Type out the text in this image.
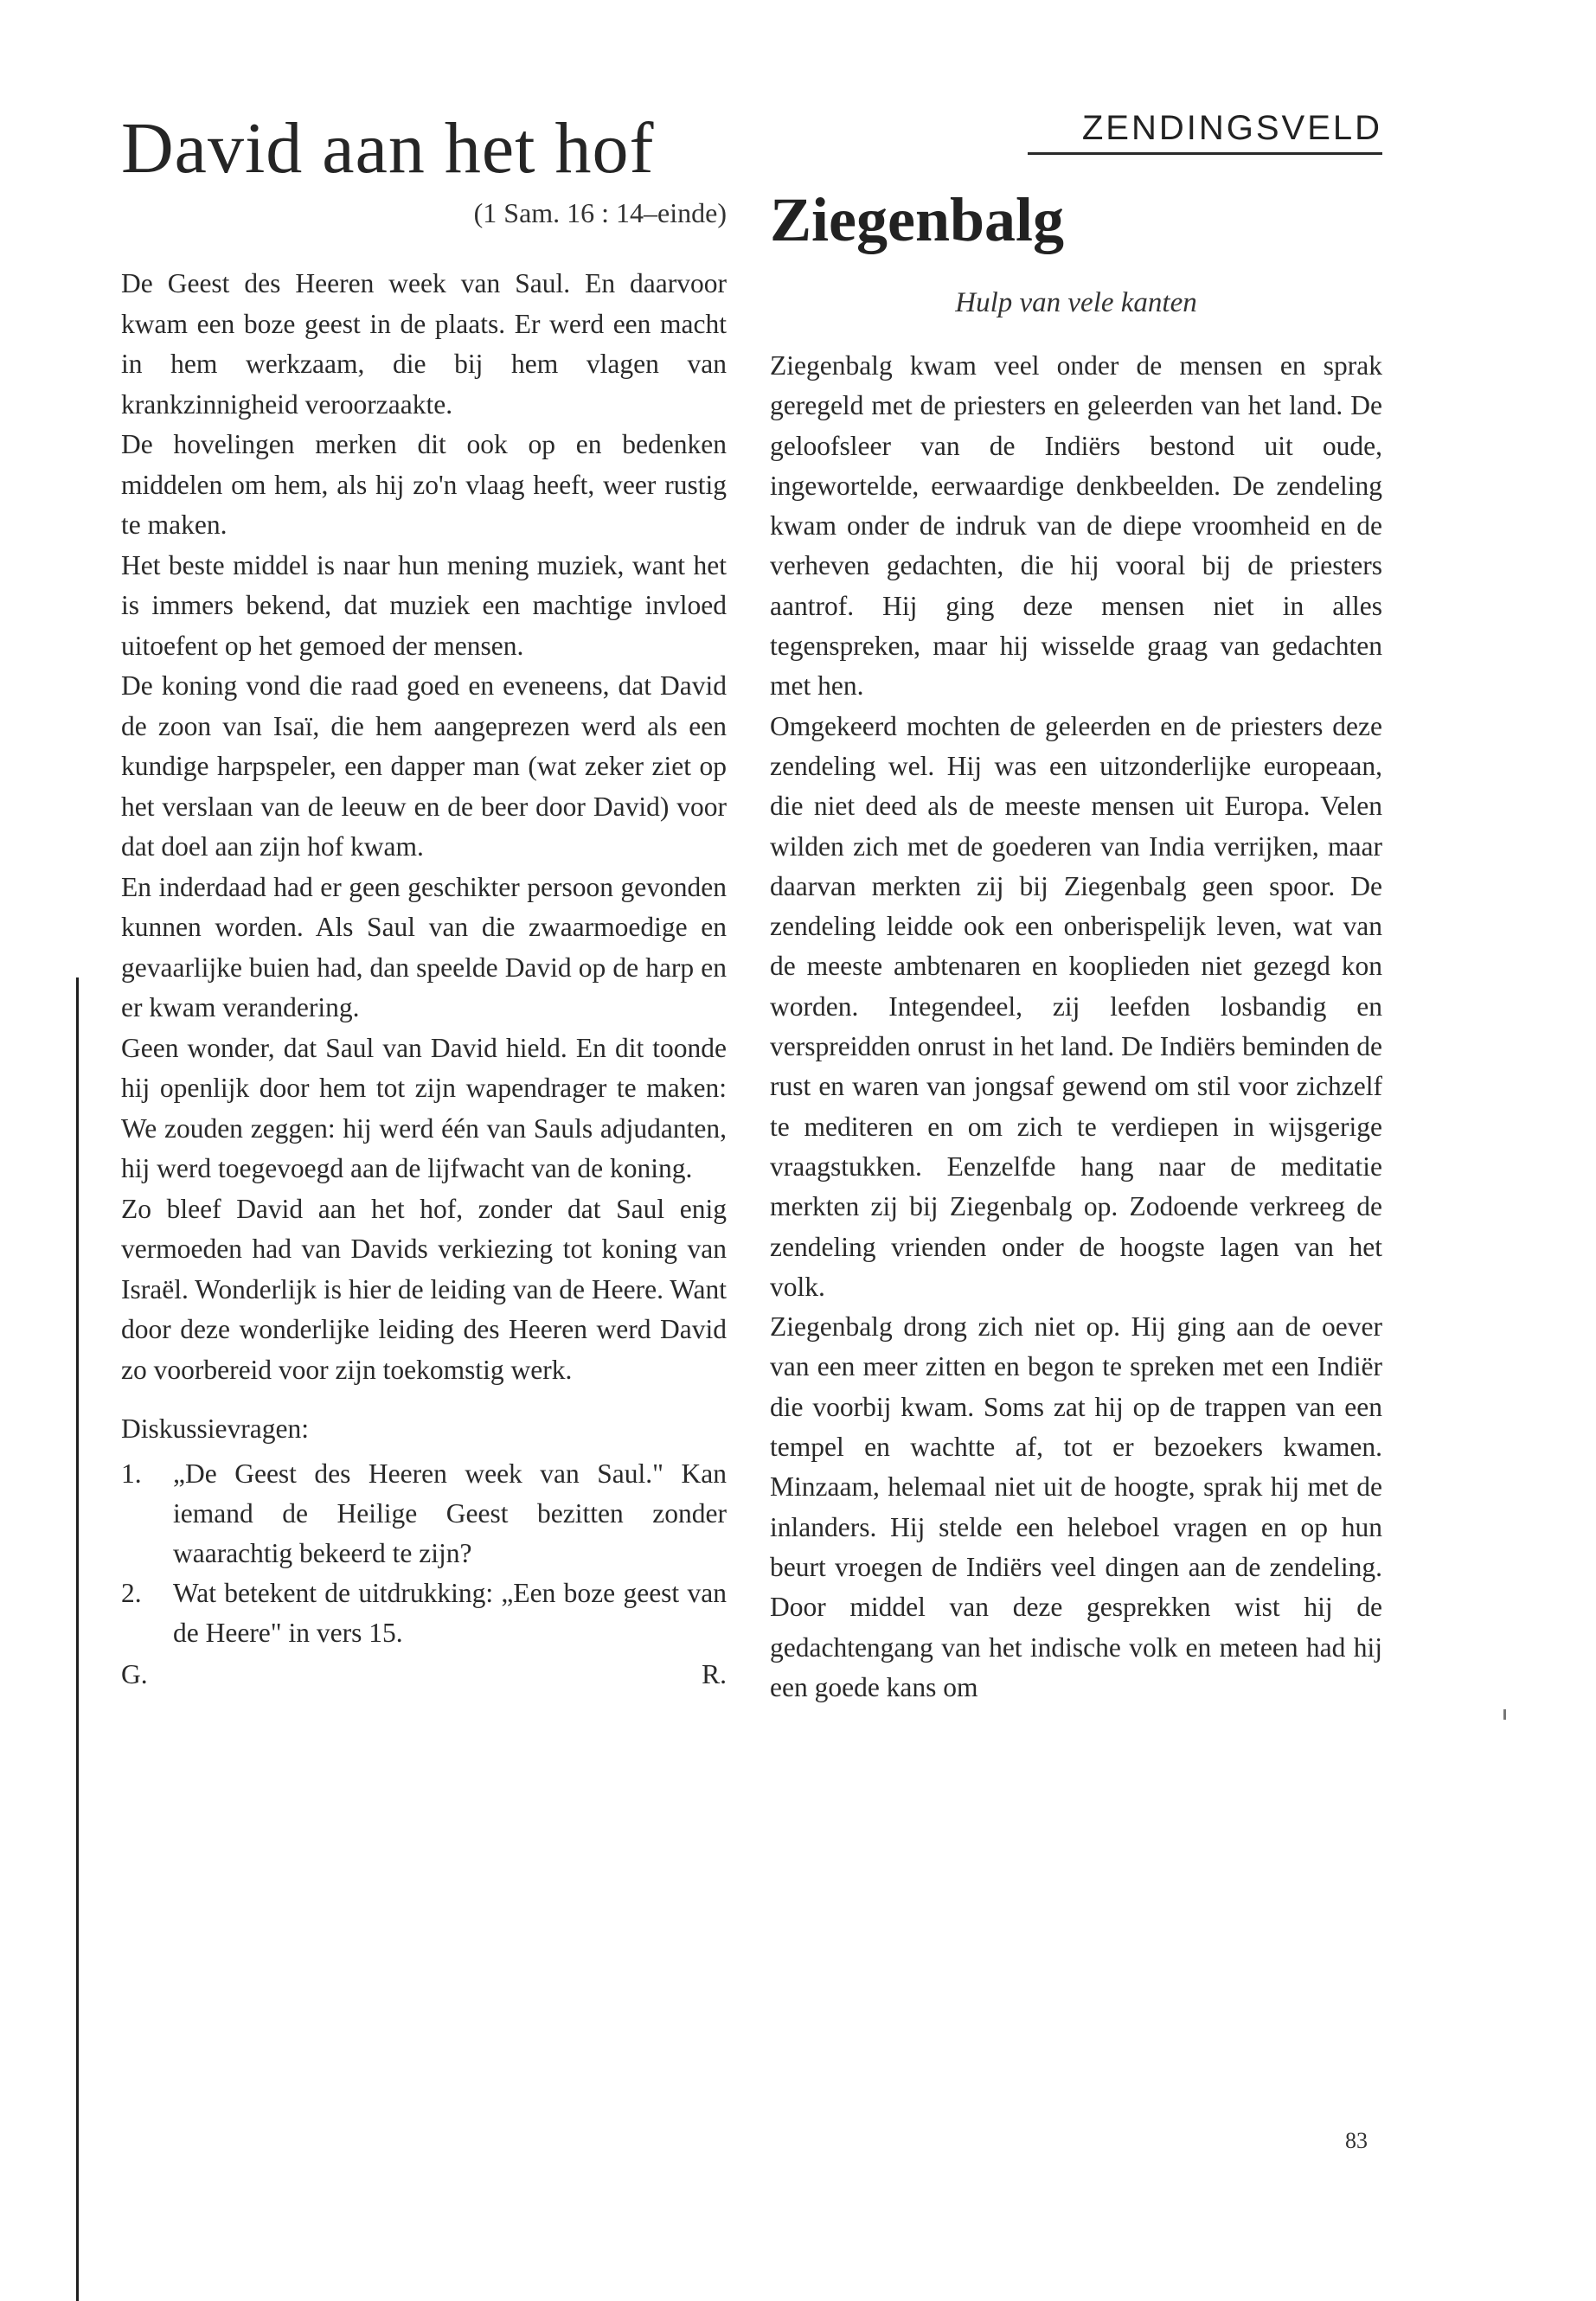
David aan het hof
(1 Sam. 16 : 14–einde)

De Geest des Heeren week van Saul. En daarvoor kwam een boze geest in de plaats. Er werd een macht in hem werkzaam, die bij hem vlagen van krankzinnigheid veroorzaakte.

De hovelingen merken dit ook op en bedenken middelen om hem, als hij zo'n vlaag heeft, weer rustig te maken.

Het beste middel is naar hun mening muziek, want het is immers bekend, dat muziek een machtige invloed uitoefent op het gemoed der mensen.

De koning vond die raad goed en eveneens, dat David de zoon van Isaï, die hem aangeprezen werd als een kundige harpspeler, een dapper man (wat zeker ziet op het verslaan van de leeuw en de beer door David) voor dat doel aan zijn hof kwam.

En inderdaad had er geen geschikter persoon gevonden kunnen worden. Als Saul van die zwaarmoedige en gevaarlijke buien had, dan speelde David op de harp en er kwam verandering.

Geen wonder, dat Saul van David hield. En dit toonde hij openlijk door hem tot zijn wapendrager te maken: We zouden zeggen: hij werd één van Sauls adjudanten, hij werd toegevoegd aan de lijfwacht van de koning.

Zo bleef David aan het hof, zonder dat Saul enig vermoeden had van Davids verkiezing tot koning van Israël. Wonderlijk is hier de leiding van de Heere. Want door deze wonderlijke leiding des Heeren werd David zo voorbereid voor zijn toekomstig werk.

Diskussievragen:
1.	„De Geest des Heeren week van Saul." Kan iemand de Heilige Geest bezitten zonder waarachtig bekeerd te zijn?
2.	Wat betekent de uitdrukking: „Een boze geest van de Heere" in vers 15.
G.	R.
ZENDINGSVELD
Ziegenbalg
Hulp van vele kanten

Ziegenbalg kwam veel onder de mensen en sprak geregeld met de priesters en geleerden van het land. De geloofsleer van de Indiërs bestond uit oude, ingewortelde, eerwaardige denkbeelden. De zendeling kwam onder de indruk van de diepe vroomheid en de verheven gedachten, die hij vooral bij de priesters aantrof. Hij ging deze mensen niet in alles tegenspreken, maar hij wisselde graag van gedachten met hen.

Omgekeerd mochten de geleerden en de priesters deze zendeling wel. Hij was een uitzonderlijke europeaan, die niet deed als de meeste mensen uit Europa. Velen wilden zich met de goederen van India verrijken, maar daarvan merkten zij bij Ziegenbalg geen spoor. De zendeling leidde ook een onberispelijk leven, wat van de meeste ambtenaren en kooplieden niet gezegd kon worden. Integendeel, zij leefden losbandig en verspreidden onrust in het land. De Indiërs beminden de rust en waren van jongsaf gewend om stil voor zichzelf te mediteren en om zich te verdiepen in wijsgerige vraagstukken. Eenzelfde hang naar de meditatie merkten zij bij Ziegenbalg op. Zodoende verkreeg de zendeling vrienden onder de hoogste lagen van het volk.

Ziegenbalg drong zich niet op. Hij ging aan de oever van een meer zitten en begon te spreken met een Indiër die voorbij kwam. Soms zat hij op de trappen van een tempel en wachtte af, tot er bezoekers kwamen. Minzaam, helemaal niet uit de hoogte, sprak hij met de inlanders. Hij stelde een heleboel vragen en op hun beurt vroegen de Indiërs veel dingen aan de zendeling. Door middel van deze gesprekken wist hij de gedachtengang van het indische volk en meteen had hij een goede kans om

83
